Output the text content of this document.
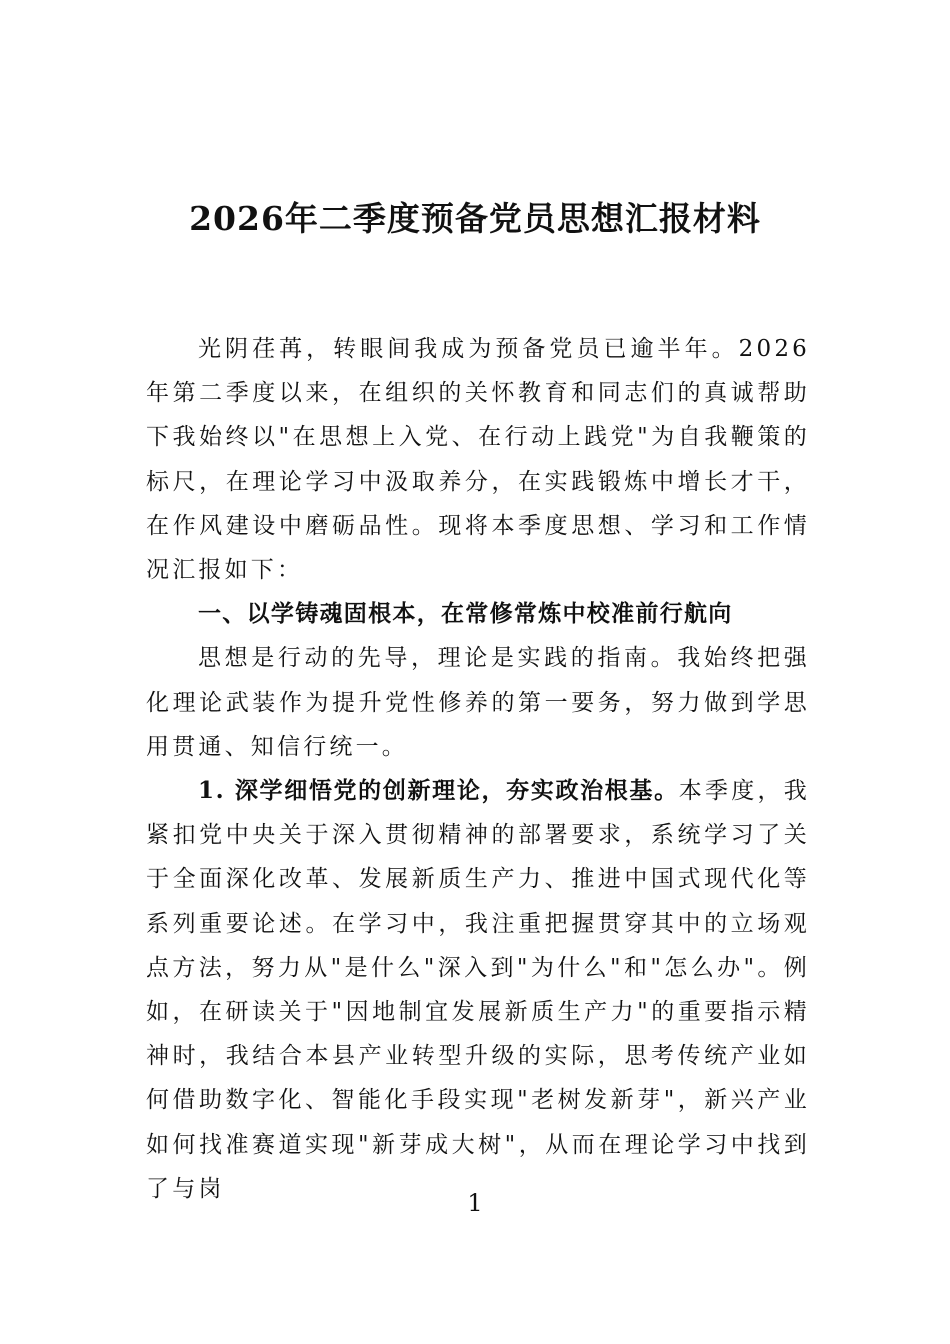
2026年二季度预备党员思想汇报材料

光阴荏苒，转眼间我成为预备党员已逾半年。2026年第二季度以来，在组织的关怀教育和同志们的真诚帮助下我始终以"在思想上入党、在行动上践党"为自我鞭策的标尺，在理论学习中汲取养分，在实践锻炼中增长才干，在作风建设中磨砺品性。现将本季度思想、学习和工作情况汇报如下：

一、以学铸魂固根本，在常修常炼中校准前行航向

思想是行动的先导，理论是实践的指南。我始终把强化理论武装作为提升党性修养的第一要务，努力做到学思用贯通、知信行统一。

1. 深学细悟党的创新理论，夯实政治根基。本季度，我紧扣党中央关于深入贯彻精神的部署要求，系统学习了关于全面深化改革、发展新质生产力、推进中国式现代化等系列重要论述。在学习中，我注重把握贯穿其中的立场观点方法，努力从"是什么"深入到"为什么"和"怎么办"。例如，在研读关于"因地制宜发展新质生产力"的重要指示精神时，我结合本县产业转型升级的实际，思考传统产业如何借助数字化、智能化手段实现"老树发新芽"，新兴产业如何找准赛道实现"新芽成大树"，从而在理论学习中找到了与岗

1
